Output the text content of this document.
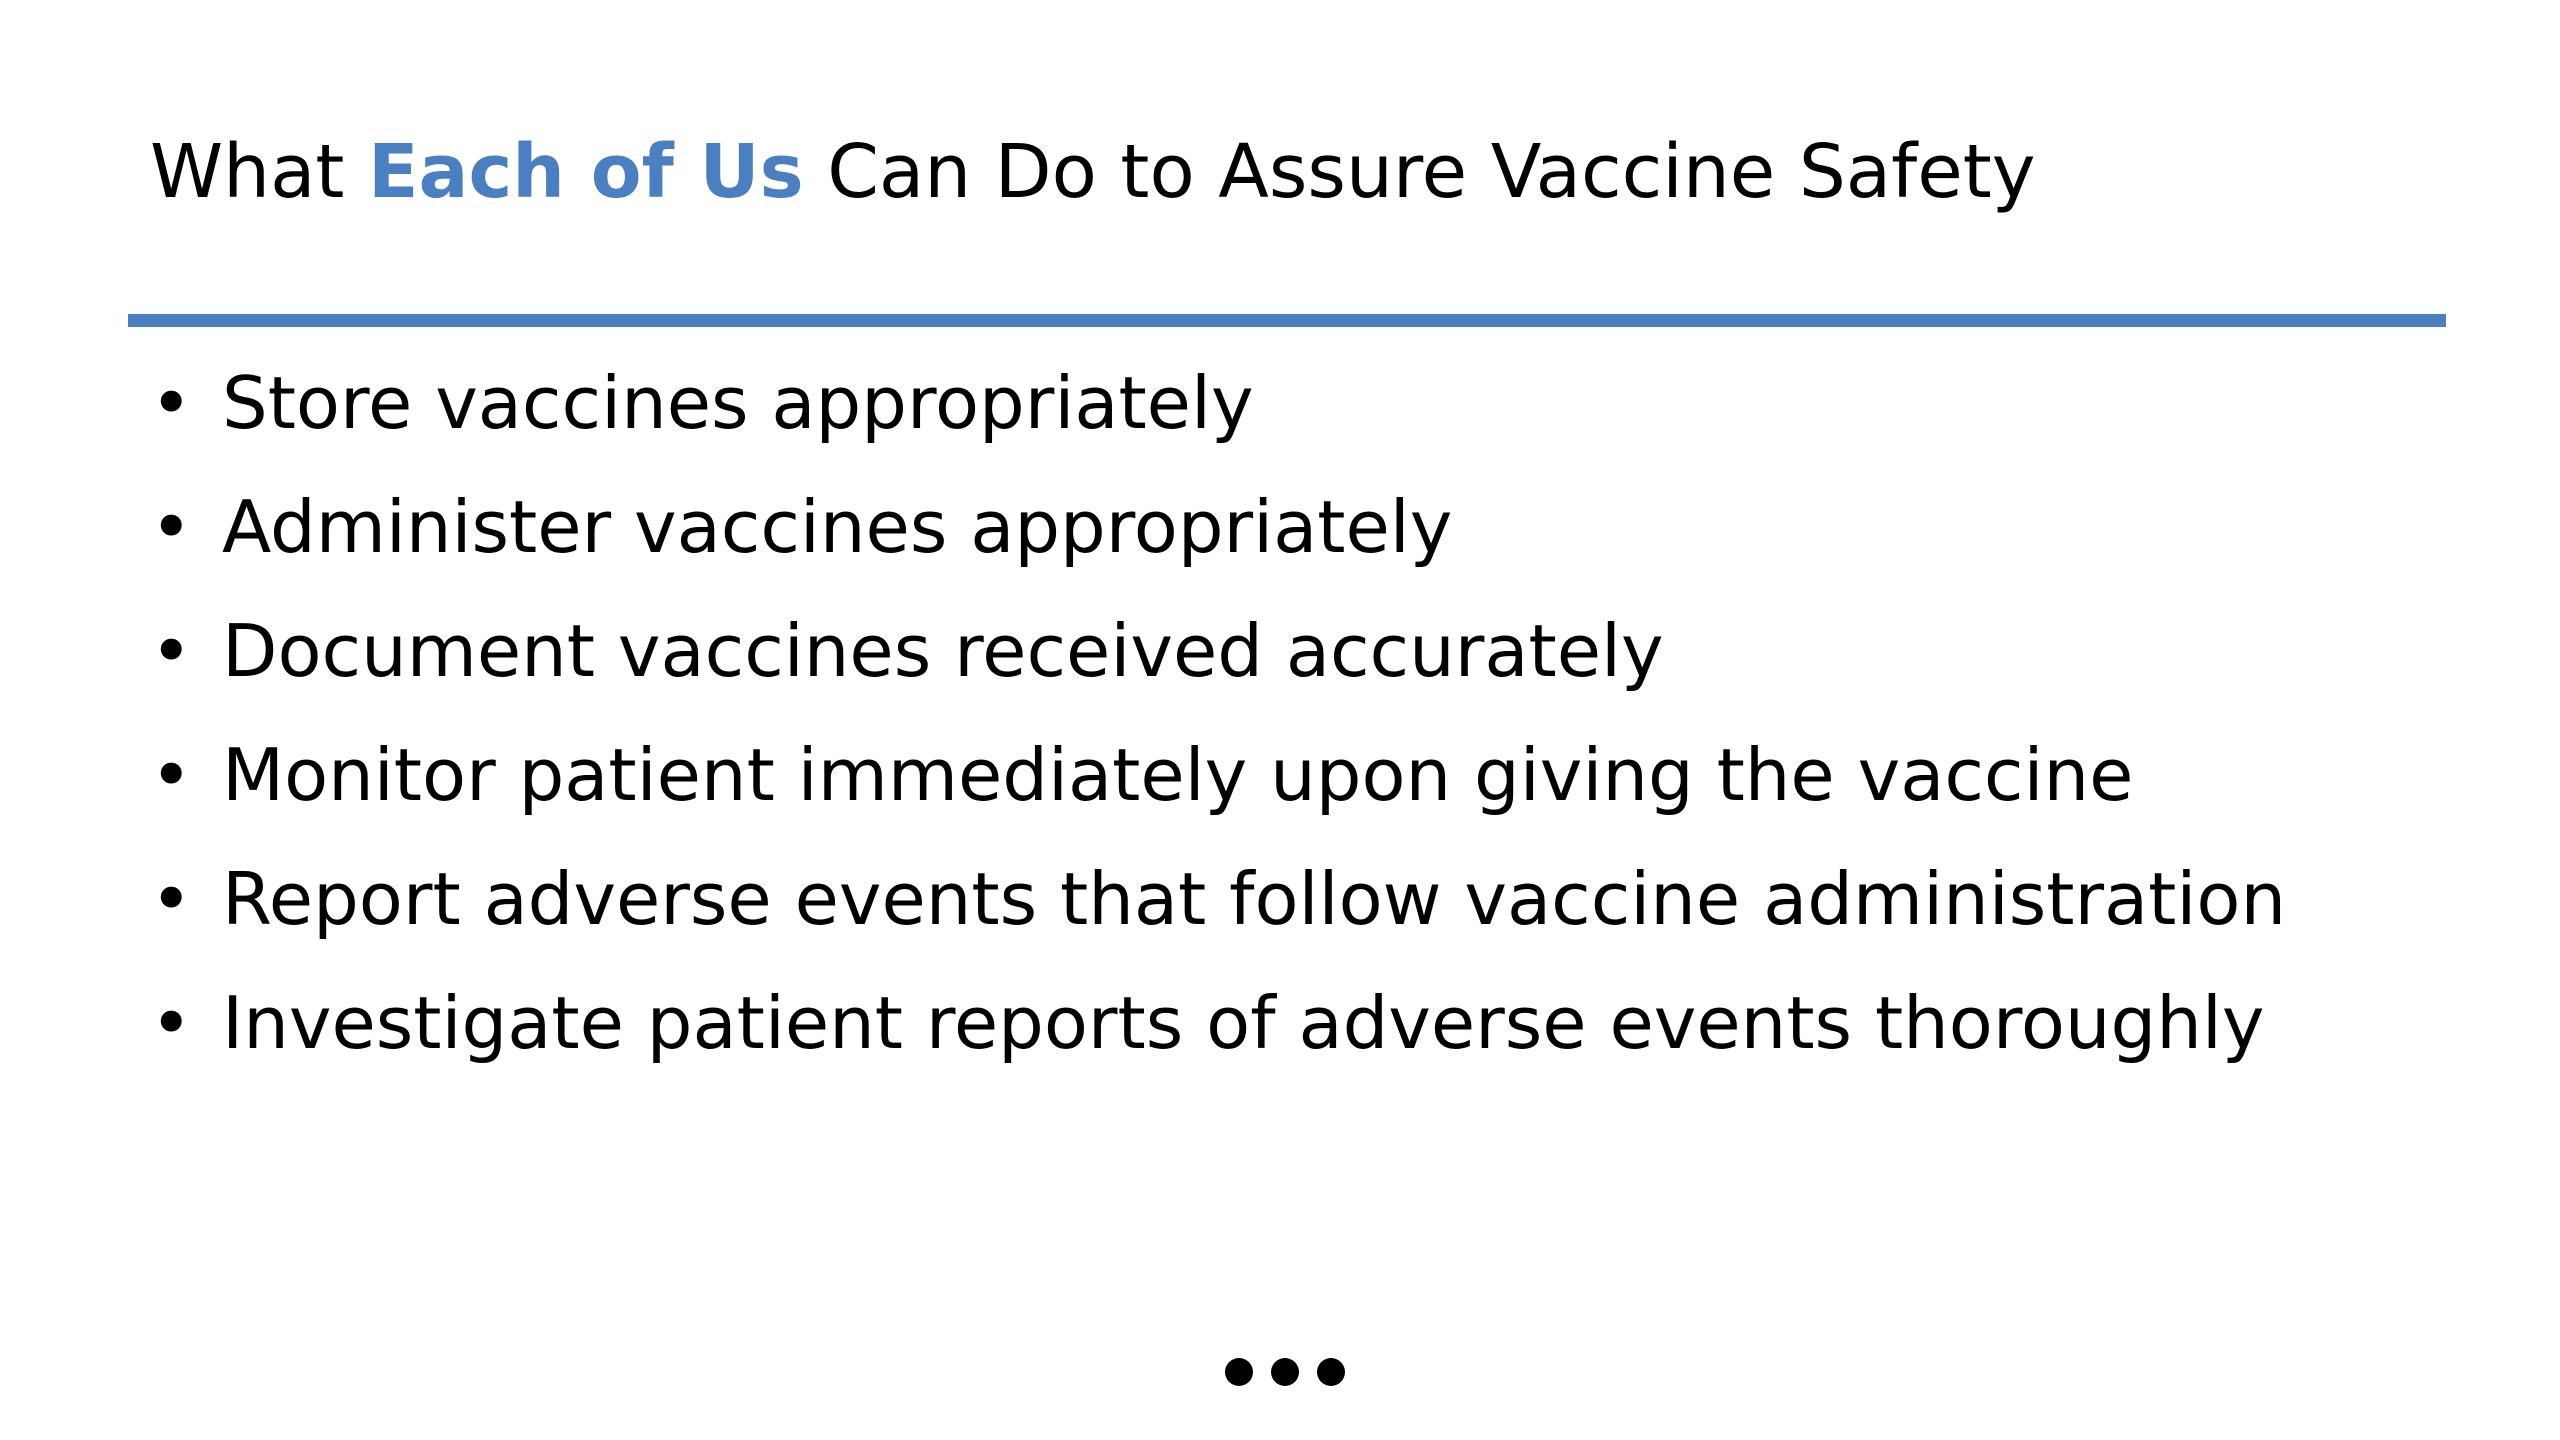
What Each of Us Can Do to Assure Vaccine Safety
• Store vaccines appropriately
• Administer vaccines appropriately
• Document vaccines received accurately
• Monitor patient immediately upon giving the vaccine
• Report adverse events that follow vaccine administration
• Investigate patient reports of adverse events thoroughly
